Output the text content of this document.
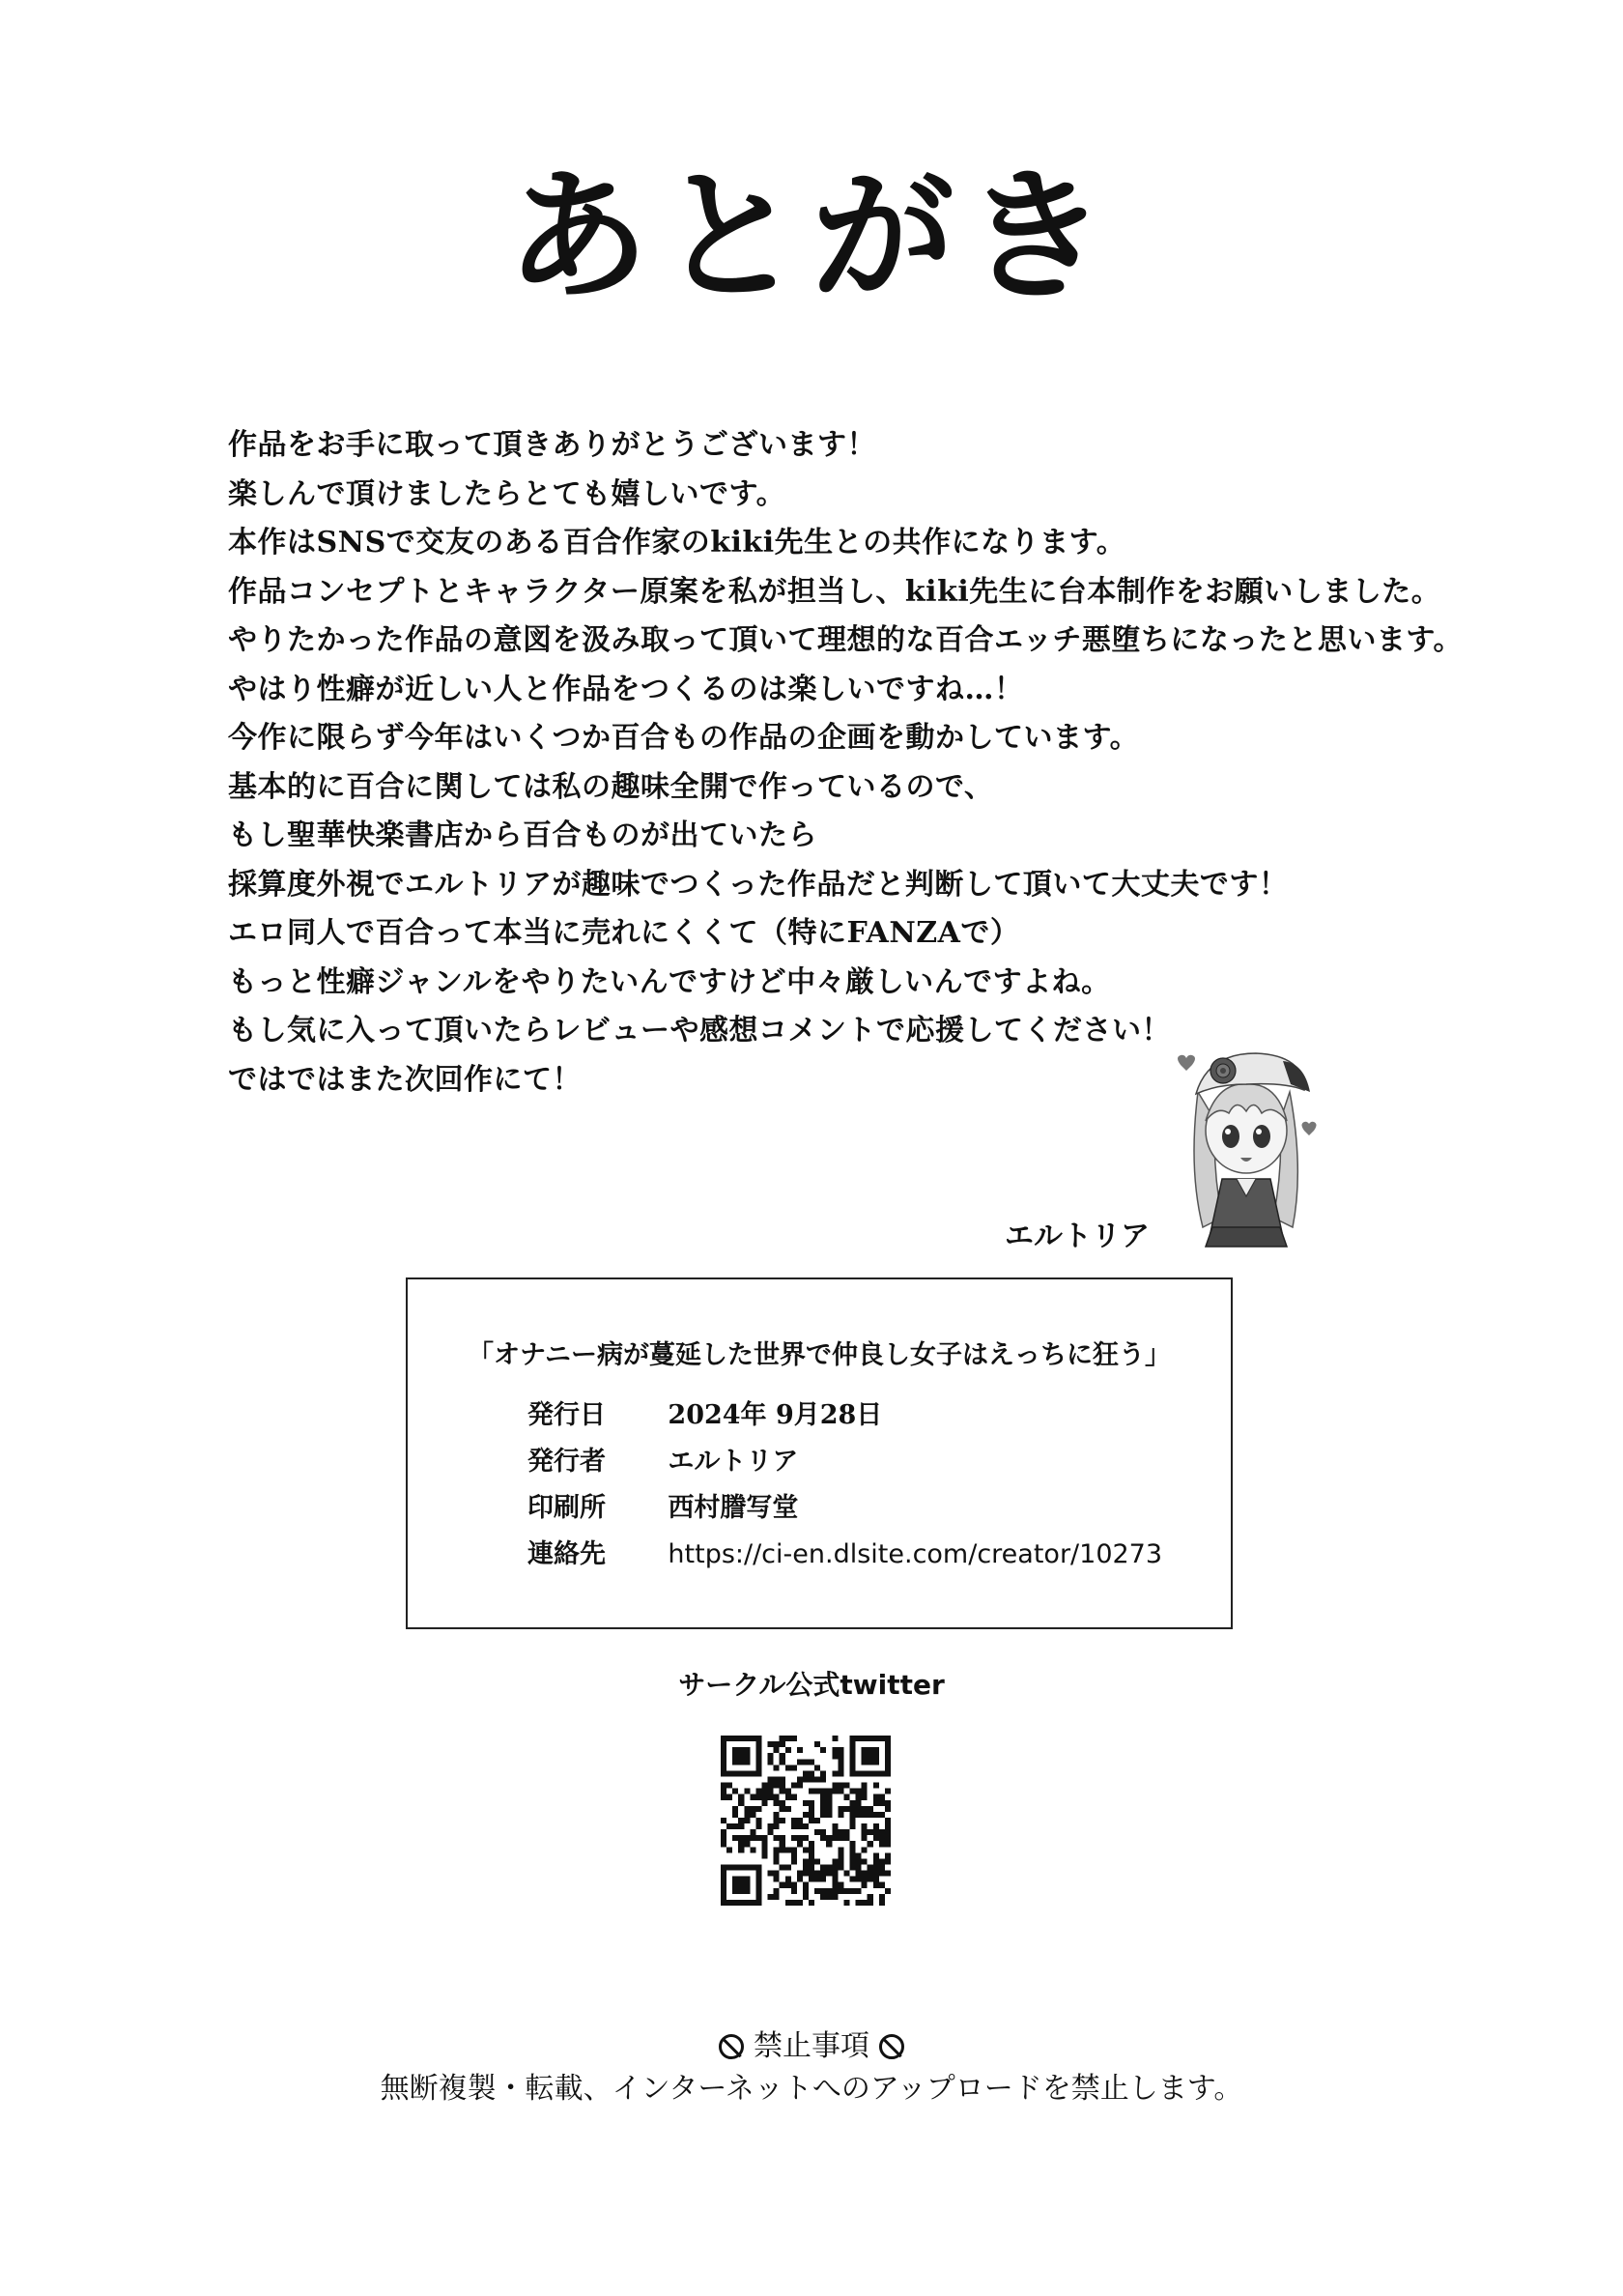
あとがき
作品をお手に取って頂きありがとうございます！
楽しんで頂けましたらとても嬉しいです。
本作はSNSで交友のある百合作家のkiki先生との共作になります。
作品コンセプトとキャラクター原案を私が担当し、kiki先生に台本制作をお願いしました。
やりたかった作品の意図を汲み取って頂いて理想的な百合エッチ悪堕ちになったと思います。
やはり性癖が近しい人と作品をつくるのは楽しいですね…！
今作に限らず今年はいくつか百合もの作品の企画を動かしています。
基本的に百合に関しては私の趣味全開で作っているので、
もし聖華快楽書店から百合ものが出ていたら
採算度外視でエルトリアが趣味でつくった作品だと判断して頂いて大丈夫です！
エロ同人で百合って本当に売れにくくて（特にFANZAで）
もっと性癖ジャンルをやりたいんですけど中々厳しいんですよね。
もし気に入って頂いたらレビューや感想コメントで応援してください！
ではではまた次回作にて！
エルトリア
「オナニー病が蔓延した世界で仲良し女子はえっちに狂う」
発行日 2024年 9月28日
発行者 エルトリア
印刷所 西村謄写堂
連絡先 https://ci-en.dlsite.com/creator/10273
サークル公式twitter
禁止事項
無断複製・転載、インターネットへのアップロードを禁止します。
